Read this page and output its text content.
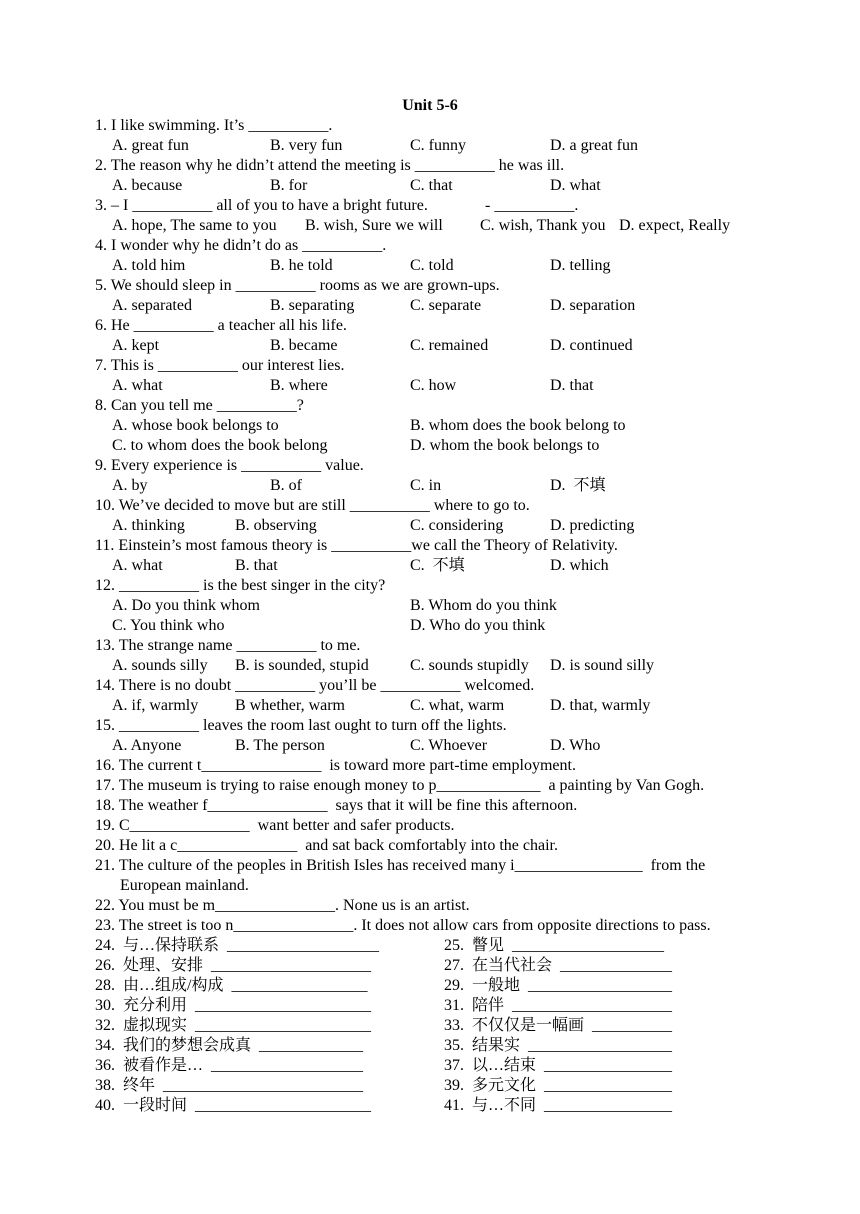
Unit 5-6
1. I like swimming. It’s __________.
A. great fun	B. very fun	C. funny	D. a great fun
2. The reason why he didn’t attend the meeting is __________ he was ill.
A. because	B. for	C. that	D. what
3. – I __________ all of you to have a bright future.	- __________.
A. hope, The same to you B. wish, Sure we will C. wish, Thank you D. expect, Really
4. I wonder why he didn’t do as __________.
A. told him	B. he told	C. told	D. telling
5. We should sleep in __________ rooms as we are grown-ups.
A. separated	B. separating	C. separate	D. separation
6. He __________ a teacher all his life.
A. kept	B. became	C. remained	D. continued
7. This is __________ our interest lies.
A. what	B. where	C. how	D. that
8. Can you tell me __________?
A. whose book belongs to	B. whom does the book belong to
C. to whom does the book belong	D. whom the book belongs to
9. Every experience is __________ value.
A. by	B. of	C. in	D.  不填
10. We’ve decided to move but are still __________ where to go to.
A. thinking	B. observing	C. considering	D. predicting
11. Einstein’s most famous theory is __________we call the Theory of Relativity.
A. what	B. that	C.  不填	D. which
12. __________ is the best singer in the city?
A. Do you think whom	B. Whom do you think
C. You think who	D. Who do you think
13. The strange name __________ to me.
A. sounds silly B. is sounded, stupid	C. sounds stupidly D. is sound silly
14. There is no doubt __________ you’ll be __________ welcomed.
A. if, warmly B whether, warm	C. what, warm	D. that, warmly
15. __________ leaves the room last ought to turn off the lights.
A. Anyone	B. The person	C. Whoever	D. Who
16. The current t_______________  is toward more part-time employment.
17. The museum is trying to raise enough money to p_____________  a painting by Van Gogh.
18. The weather f_______________  says that it will be fine this afternoon.
19. C_______________  want better and safer products.
20. He lit a c_______________  and sat back comfortably into the chair.
21. The culture of the peoples in British Isles has received many i________________  from the
European mainland.
22. You must be m_______________. None us is an artist.
23. The street is too n_______________. It does not allow cars from opposite directions to pass.
24.  与…保持联系  ___________________	25.  瞥见  ___________________
26.  处理、安排  ____________________	27.  在当代社会  ______________
28.  由…组成/构成  _________________	29.  一般地  __________________
30.  充分利用  ______________________	31.  陪伴  ____________________
32.  虚拟现实  ______________________	33.  不仅仅是一幅画  __________
34.  我们的梦想会成真  _____________	35.  结果实  __________________
36.  被看作是…  ___________________	37.  以…结束  ________________
38.  终年  _________________________	39.  多元文化  ________________
40.  一段时间  ______________________	41.  与…不同  ________________
